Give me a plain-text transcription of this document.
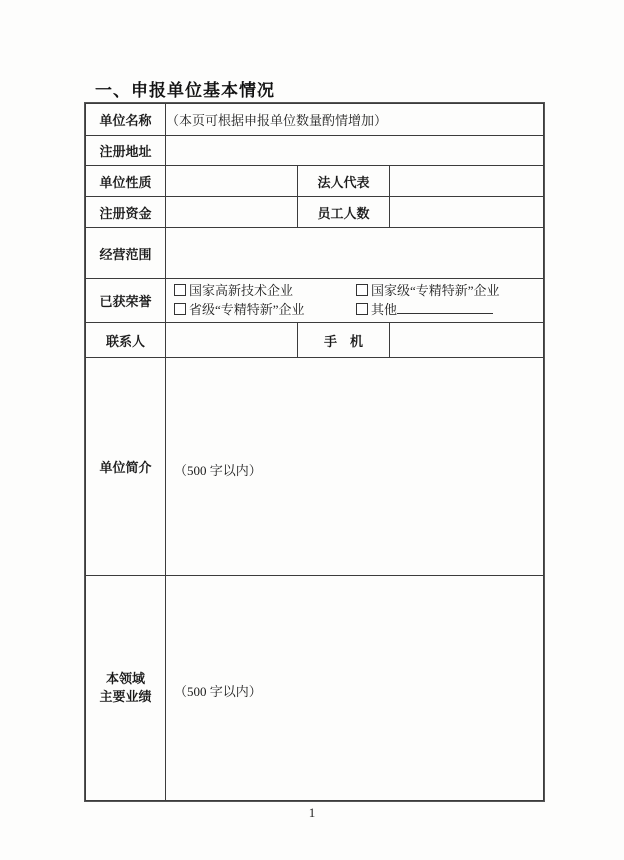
一、申报单位基本情况
单位名称	（本页可根据申报单位数量酌情增加）		
注册地址			
单位性质		法人代表	
注册资金		员工人数	
经营范围			
已获荣誉	国家高新技术企业 国家级“专精特新”企业
省级“专精特新”企业 其他		

联系人		手　机	
单位简介	（500 字以内）		

本领域
主要业绩	（500 字以内）		
1
